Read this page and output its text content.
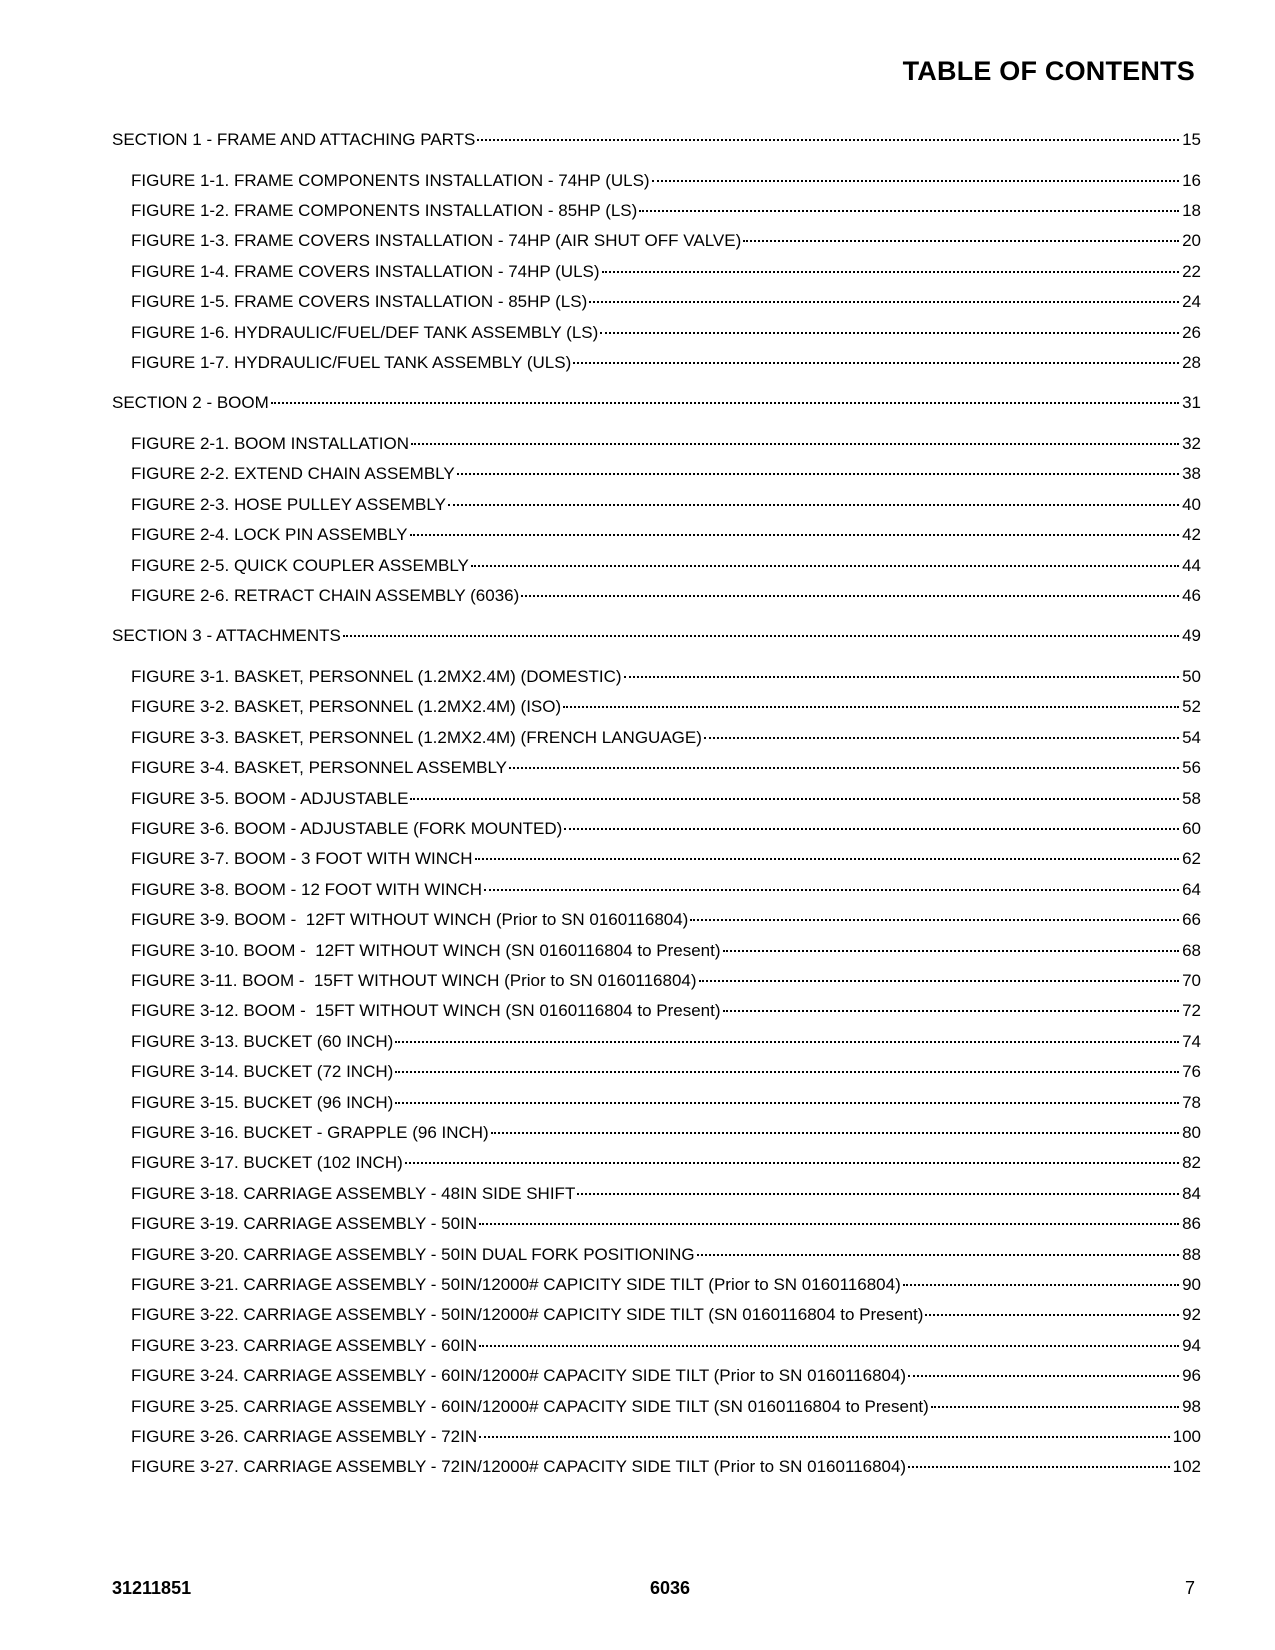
TABLE OF CONTENTS
SECTION 1 - FRAME AND ATTACHING PARTS	15
FIGURE 1-1. FRAME COMPONENTS INSTALLATION - 74HP (ULS)	16
FIGURE 1-2. FRAME COMPONENTS INSTALLATION - 85HP (LS)	18
FIGURE 1-3. FRAME COVERS INSTALLATION - 74HP (AIR SHUT OFF VALVE)	20
FIGURE 1-4. FRAME COVERS INSTALLATION - 74HP (ULS)	22
FIGURE 1-5. FRAME COVERS INSTALLATION - 85HP (LS)	24
FIGURE 1-6. HYDRAULIC/FUEL/DEF TANK ASSEMBLY (LS)	26
FIGURE 1-7. HYDRAULIC/FUEL TANK ASSEMBLY (ULS)	28
SECTION 2 - BOOM	31
FIGURE 2-1. BOOM INSTALLATION	32
FIGURE 2-2. EXTEND CHAIN ASSEMBLY	38
FIGURE 2-3. HOSE PULLEY ASSEMBLY	40
FIGURE 2-4. LOCK PIN ASSEMBLY	42
FIGURE 2-5. QUICK COUPLER ASSEMBLY	44
FIGURE 2-6. RETRACT CHAIN ASSEMBLY (6036)	46
SECTION 3 - ATTACHMENTS	49
FIGURE 3-1. BASKET, PERSONNEL (1.2MX2.4M) (DOMESTIC)	50
FIGURE 3-2. BASKET, PERSONNEL (1.2MX2.4M) (ISO)	52
FIGURE 3-3. BASKET, PERSONNEL (1.2MX2.4M) (FRENCH LANGUAGE)	54
FIGURE 3-4. BASKET, PERSONNEL ASSEMBLY	56
FIGURE 3-5. BOOM - ADJUSTABLE	58
FIGURE 3-6. BOOM - ADJUSTABLE (FORK MOUNTED)	60
FIGURE 3-7. BOOM - 3 FOOT WITH WINCH	62
FIGURE 3-8. BOOM - 12 FOOT WITH WINCH	64
FIGURE 3-9. BOOM -  12FT WITHOUT WINCH (Prior to SN 0160116804)	66
FIGURE 3-10. BOOM -  12FT WITHOUT WINCH (SN 0160116804 to Present)	68
FIGURE 3-11. BOOM -  15FT WITHOUT WINCH (Prior to SN 0160116804)	70
FIGURE 3-12. BOOM -  15FT WITHOUT WINCH (SN 0160116804 to Present)	72
FIGURE 3-13. BUCKET (60 INCH)	74
FIGURE 3-14. BUCKET (72 INCH)	76
FIGURE 3-15. BUCKET (96 INCH)	78
FIGURE 3-16. BUCKET - GRAPPLE (96 INCH)	80
FIGURE 3-17. BUCKET (102 INCH)	82
FIGURE 3-18. CARRIAGE ASSEMBLY - 48IN SIDE SHIFT	84
FIGURE 3-19. CARRIAGE ASSEMBLY - 50IN	86
FIGURE 3-20. CARRIAGE ASSEMBLY - 50IN DUAL FORK POSITIONING	88
FIGURE 3-21. CARRIAGE ASSEMBLY - 50IN/12000# CAPICITY SIDE TILT (Prior to SN 0160116804)	90
FIGURE 3-22. CARRIAGE ASSEMBLY - 50IN/12000# CAPICITY SIDE TILT (SN 0160116804 to Present)	92
FIGURE 3-23. CARRIAGE ASSEMBLY - 60IN	94
FIGURE 3-24. CARRIAGE ASSEMBLY - 60IN/12000# CAPACITY SIDE TILT (Prior to SN 0160116804)	96
FIGURE 3-25. CARRIAGE ASSEMBLY - 60IN/12000# CAPACITY SIDE TILT (SN 0160116804 to Present)	98
FIGURE 3-26. CARRIAGE ASSEMBLY - 72IN	100
FIGURE 3-27. CARRIAGE ASSEMBLY - 72IN/12000# CAPACITY SIDE TILT (Prior to SN 0160116804)	102
31211851	6036	7
